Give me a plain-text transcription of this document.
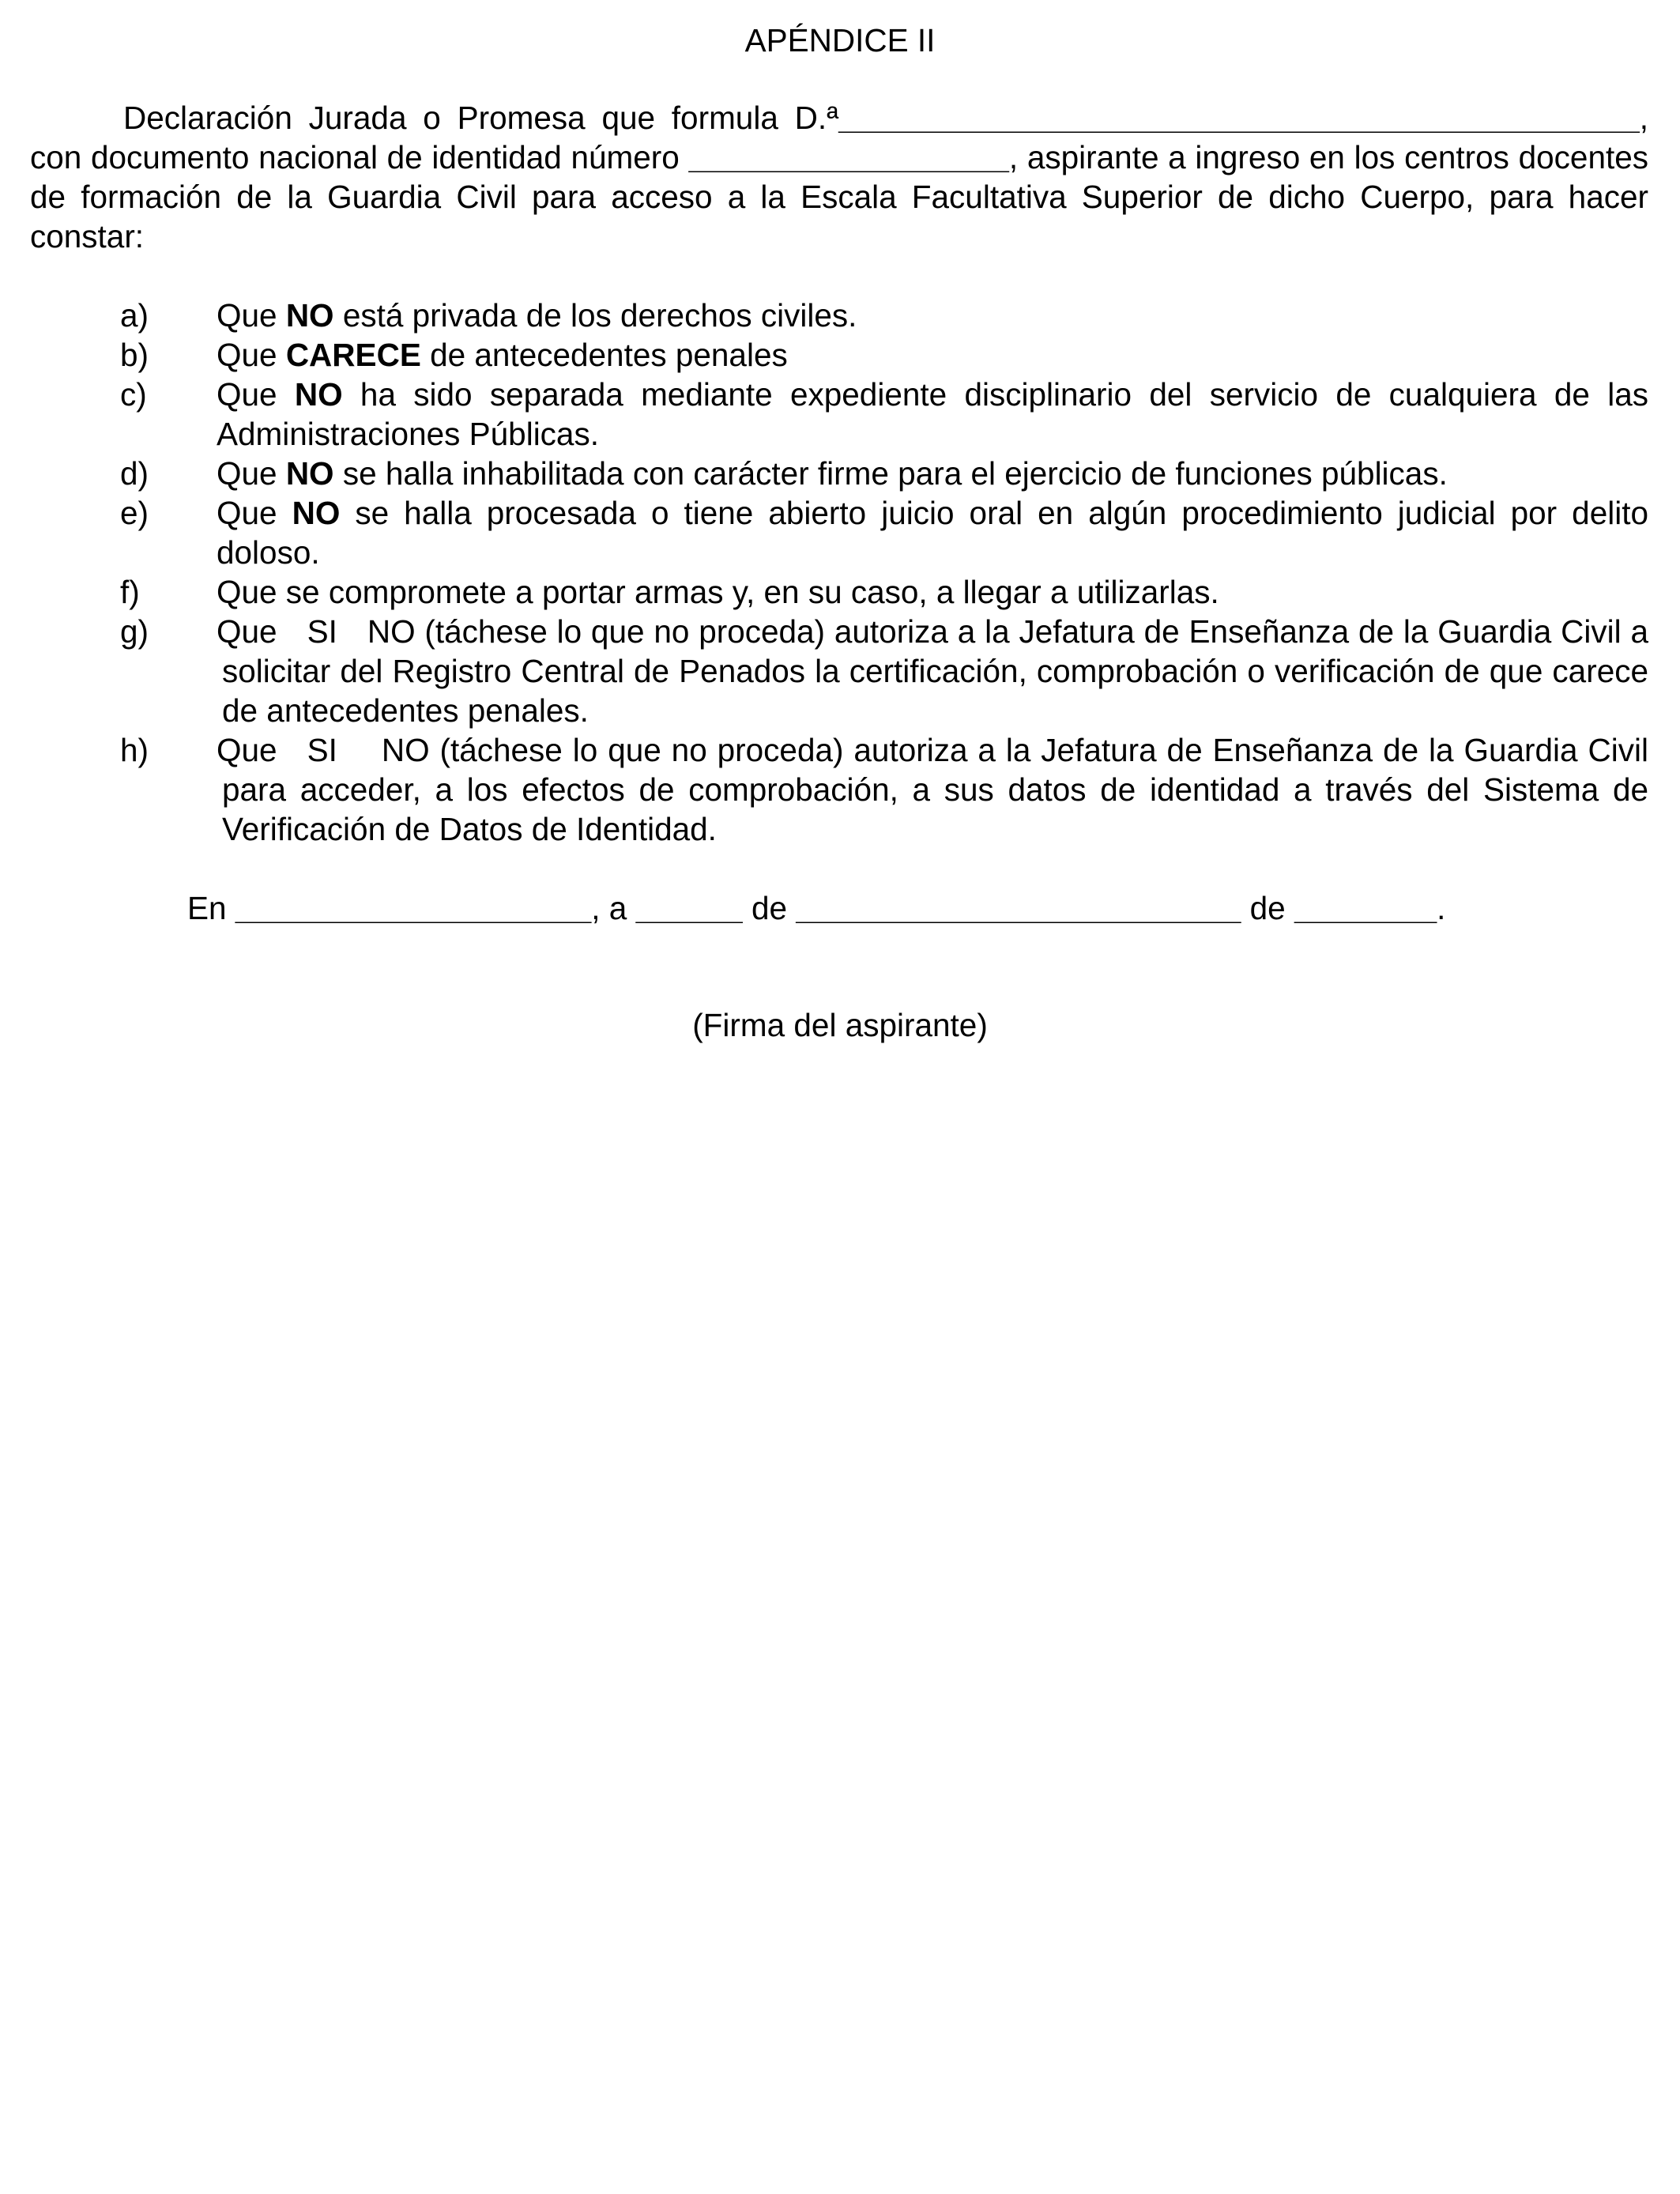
APÉNDICE II

Declaración Jurada o Promesa que formula D.ª_____________________________________________, con documento nacional de identidad número __________________, aspirante a ingreso en los centros docentes de formación de la Guardia Civil para acceso a la Escala Facultativa Superior de dicho Cuerpo, para hacer constar:

a)	Que NO está privada de los derechos civiles.
b)	Que CARECE de antecedentes penales
c)	Que NO ha sido separada mediante expediente disciplinario del servicio de cualquiera de las Administraciones Públicas.
d)	Que NO se halla inhabilitada con carácter firme para el ejercicio de funciones públicas.
e)	Que NO se halla procesada o tiene abierto juicio oral en algún procedimiento judicial por delito doloso.
f)	Que se compromete a portar armas y, en su caso, a llegar a utilizarlas.
g)	Que SI NO (táchese lo que no proceda) autoriza a la Jefatura de Enseñanza de la Guardia Civil a solicitar del Registro Central de Penados la certificación, comprobación o verificación de que carece de antecedentes penales.
h)	Que SI NO (táchese lo que no proceda) autoriza a la Jefatura de Enseñanza de la Guardia Civil para acceder, a los efectos de comprobación, a sus datos de identidad a través del Sistema de Verificación de Datos de Identidad.
En ____________________, a ______ de _________________________ de ________.
(Firma del aspirante)
